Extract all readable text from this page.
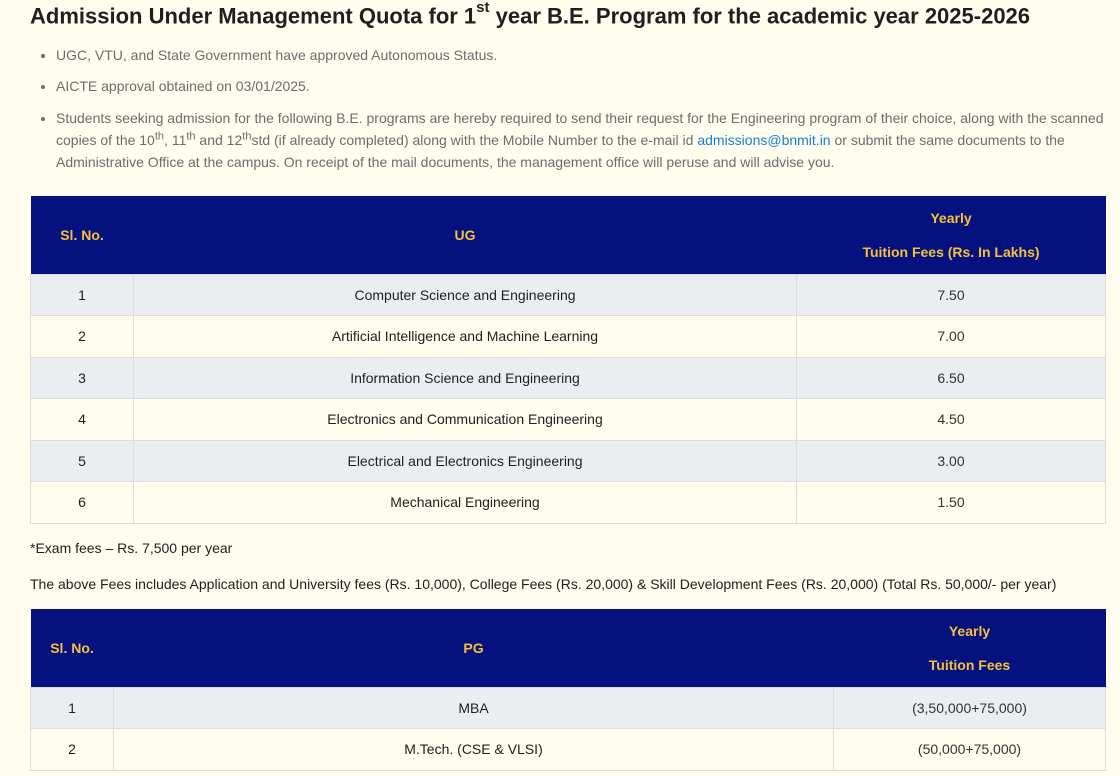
Admission Under Management Quota for 1st year B.E. Program for the academic year 2025-2026
• UGC, VTU, and State Government have approved Autonomous Status.
• AICTE approval obtained on 03/01/2025.
• Students seeking admission for the following B.E. programs are hereby required to send their request for the Engineering program of their choice, along with the scanned copies of the 10th, 11th and 12thstd (if already completed) along with the Mobile Number to the e-mail id admissions@bnmit.in or submit the same documents to the Administrative Office at the campus. On receipt of the mail documents, the management office will peruse and will advise you.
Sl. No.	UG	Yearly
Tuition Fees (Rs. In Lakhs)

1	Computer Science and Engineering	7.50
2	Artificial Intelligence and Machine Learning	7.00
3	Information Science and Engineering	6.50
4	Electronics and Communication Engineering	4.50
5	Electrical and Electronics Engineering	3.00
6	Mechanical Engineering	1.50

*Exam fees – Rs. 7,500 per year

The above Fees includes Application and University fees (Rs. 10,000), College Fees (Rs. 20,000) & Skill Development Fees (Rs. 20,000) (Total Rs. 50,000/- per year)

Sl. No.	PG	Yearly
Tuition Fees

1	MBA	(3,50,000+75,000)
2	M.Tech. (CSE & VLSI)	(50,000+75,000)
